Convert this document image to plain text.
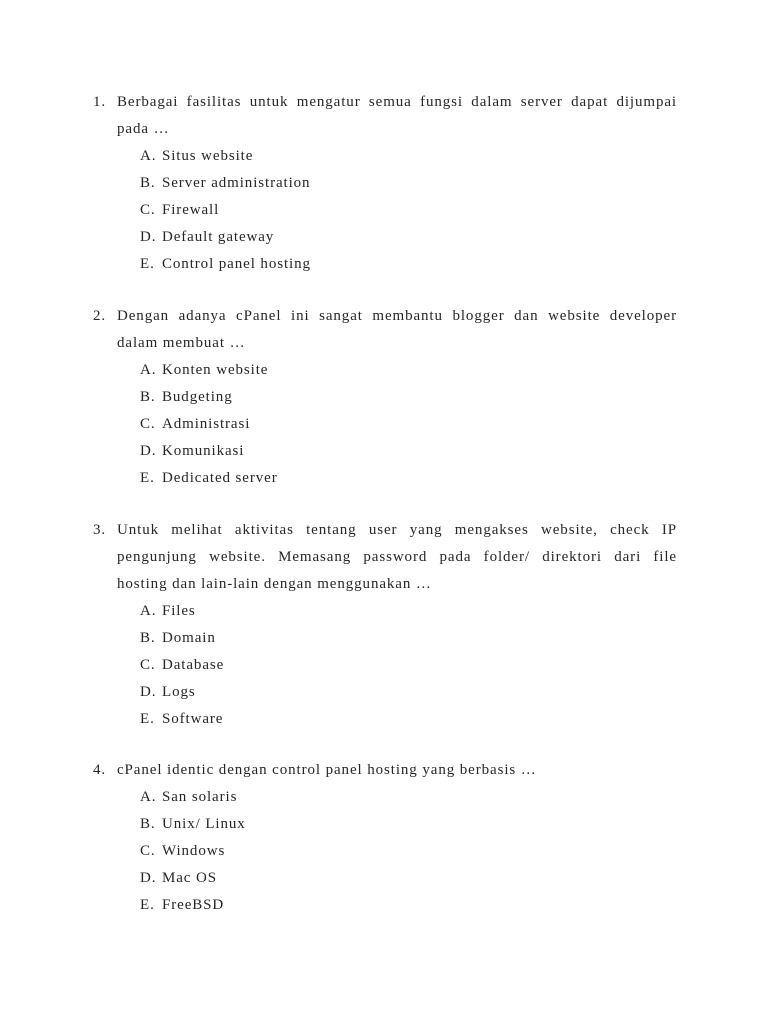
1. Berbagai fasilitas untuk mengatur semua fungsi dalam server dapat dijumpai
pada …
A. Situs website
B. Server administration
C. Firewall
D. Default gateway
E. Control panel hosting
2. Dengan adanya cPanel ini sangat membantu blogger dan website developer
dalam membuat …
A. Konten website
B. Budgeting
C. Administrasi
D. Komunikasi
E. Dedicated server
3. Untuk melihat aktivitas tentang user yang mengakses website, check IP
pengunjung website. Memasang password pada folder/ direktori dari file
hosting dan lain-lain dengan menggunakan …
A. Files
B. Domain
C. Database
D. Logs
E. Software
4. cPanel identic dengan control panel hosting yang berbasis …
A. San solaris
B. Unix/ Linux
C. Windows
D. Mac OS
E. FreeBSD
